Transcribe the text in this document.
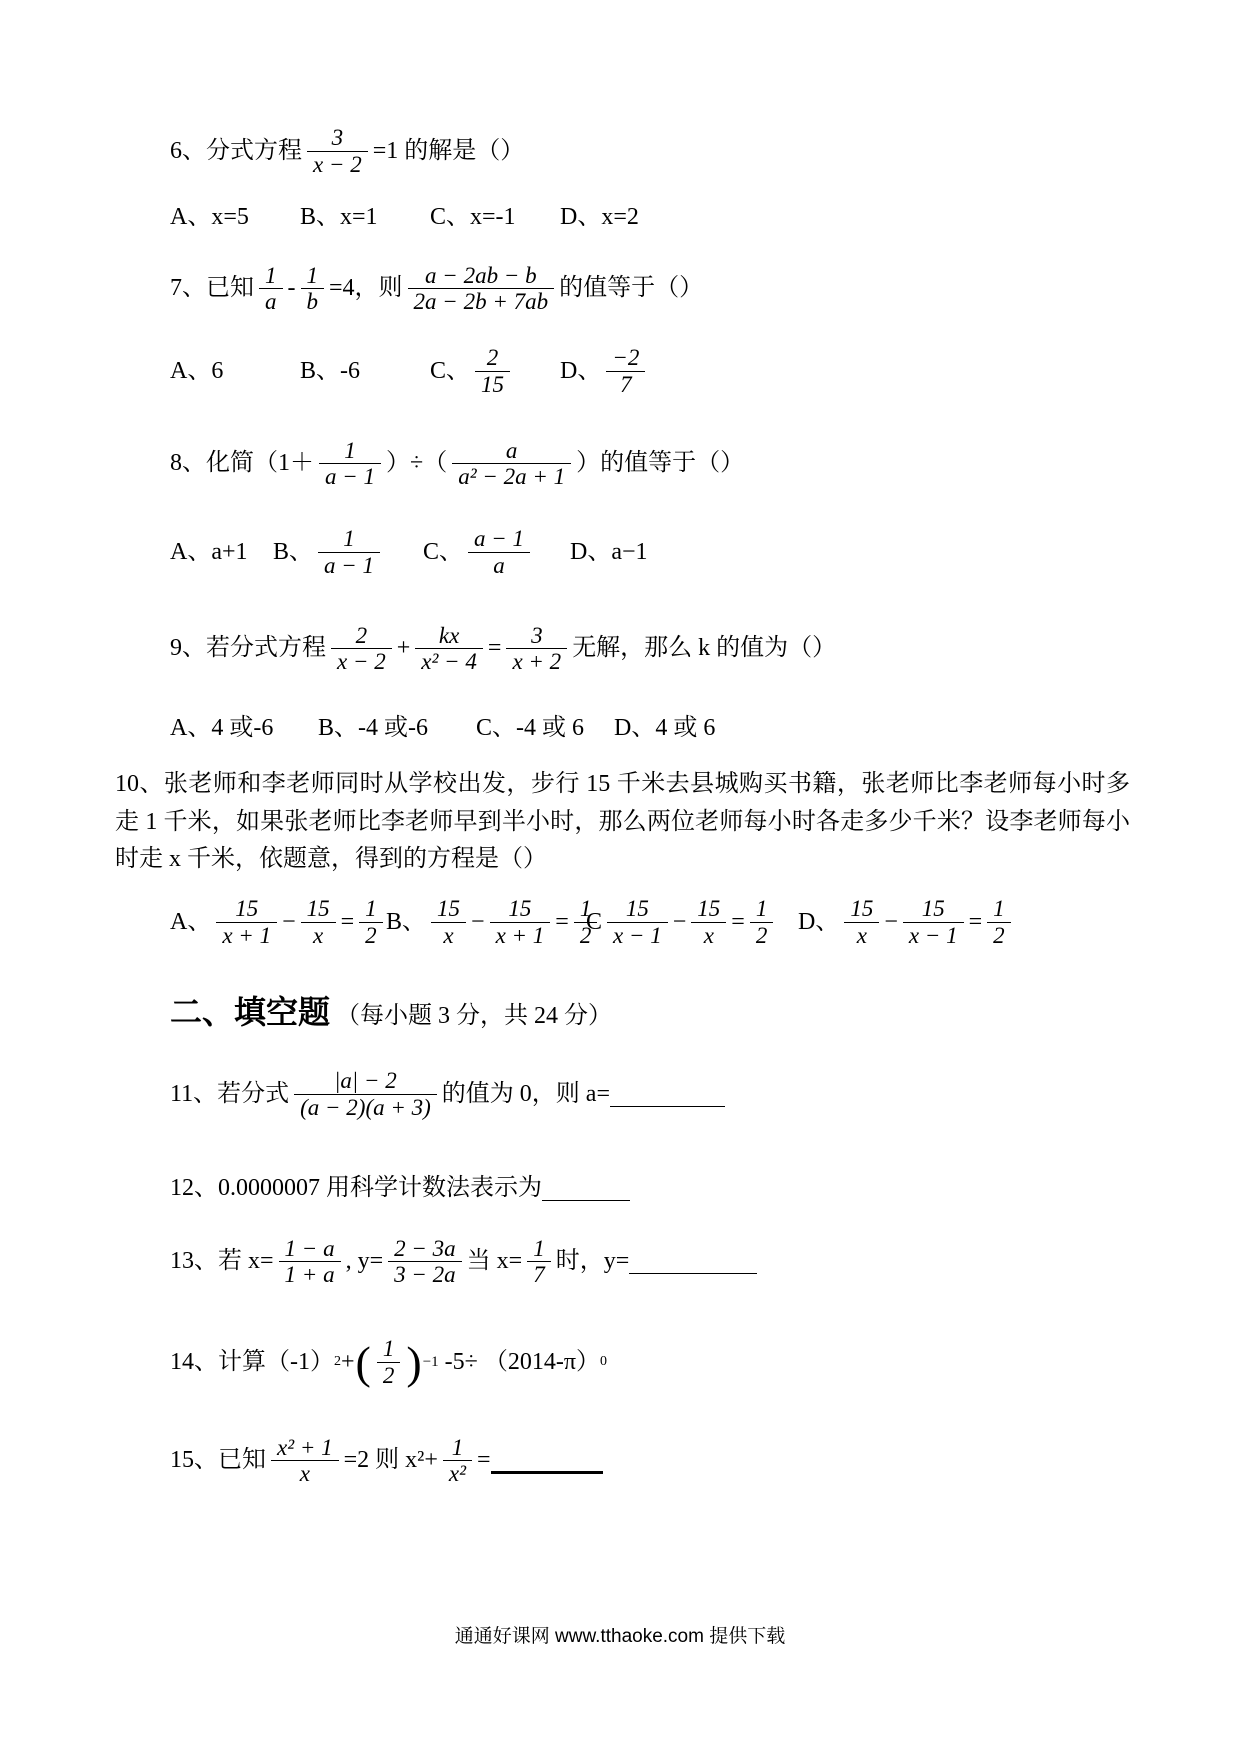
6、分式方程 $\frac{3}{x - 2} =1$ 的解是（）
A、x=5	B、x=1	C、x=-1	D、x=2
7、已知 $\frac{1}{a} - \frac{1}{b} =4$，则 $\frac{a - 2ab - b}{2a - 2b + 7ab}$ 的值等于（）
A、6	B、-6	C、 $\frac{2}{15}$ D、 $\frac{-2}{7}$
8、化简（$1+ \frac{1}{a - 1}$ ）÷（ $\frac{a}{\text{a² − 2a + 1}}$ ）的值等于（）
A、a+1	B、 $\frac{1}{a - 1}$ C、 $\frac{a - 1}{a}$ D、a−1
9、若分式方程 $\frac{2}{x - 2} + \frac{kx}{\text{x² − 4}} = \frac{3}{x + 2}$ 无解，那么 k 的值为（）
A、4 或-6	B、-4 或-6	C、-4 或 6	D、4 或 6
10、张老师和李老师同时从学校出发，步行 15 千米去县城购买书籍，张老师比李老师每小时多走 1 千米，如果张老师比李老师早到半小时，那么两位老师每小时各走多少千米？设李老师每小时走 x 千米，依题意，得到的方程是（）
A、 $\frac{15}{x + 1} - \frac{15}{x} = \frac{1}{2}$ B、 $\frac{15}{x} - \frac{15}{x + 1} = \frac{1}{2}$
C $\frac{15}{x - 1} - \frac{15}{x} = \frac{1}{2}$ D、 $\frac{15}{x} - \frac{15}{x - 1} = \frac{1}{2}$
二、填空题 （每小题 3 分，共 24 分）
11、若分式 $\frac{|a| - 2}{(a - 2)(a + 3)}$ 的值为 0，则 a=
12、0.0000007 用科学计数法表示为
13、若 $x= \frac{1 - a}{1 + a}$ , $y= \frac{2 - 3a}{3 - 2a}$ 当 $x= \frac{1}{7}$ 时，y=
14、计算（-1） 2 + ( $\frac{1}{2}$ ) −1 -5÷ （2014-π） 0
15、已知 $\frac{\text{x² + 1}}{x} =2$ 则 $x^2+ \frac{1}{\text{x²}}$ =
通通好课网 www.tthaoke.com 提供下载
